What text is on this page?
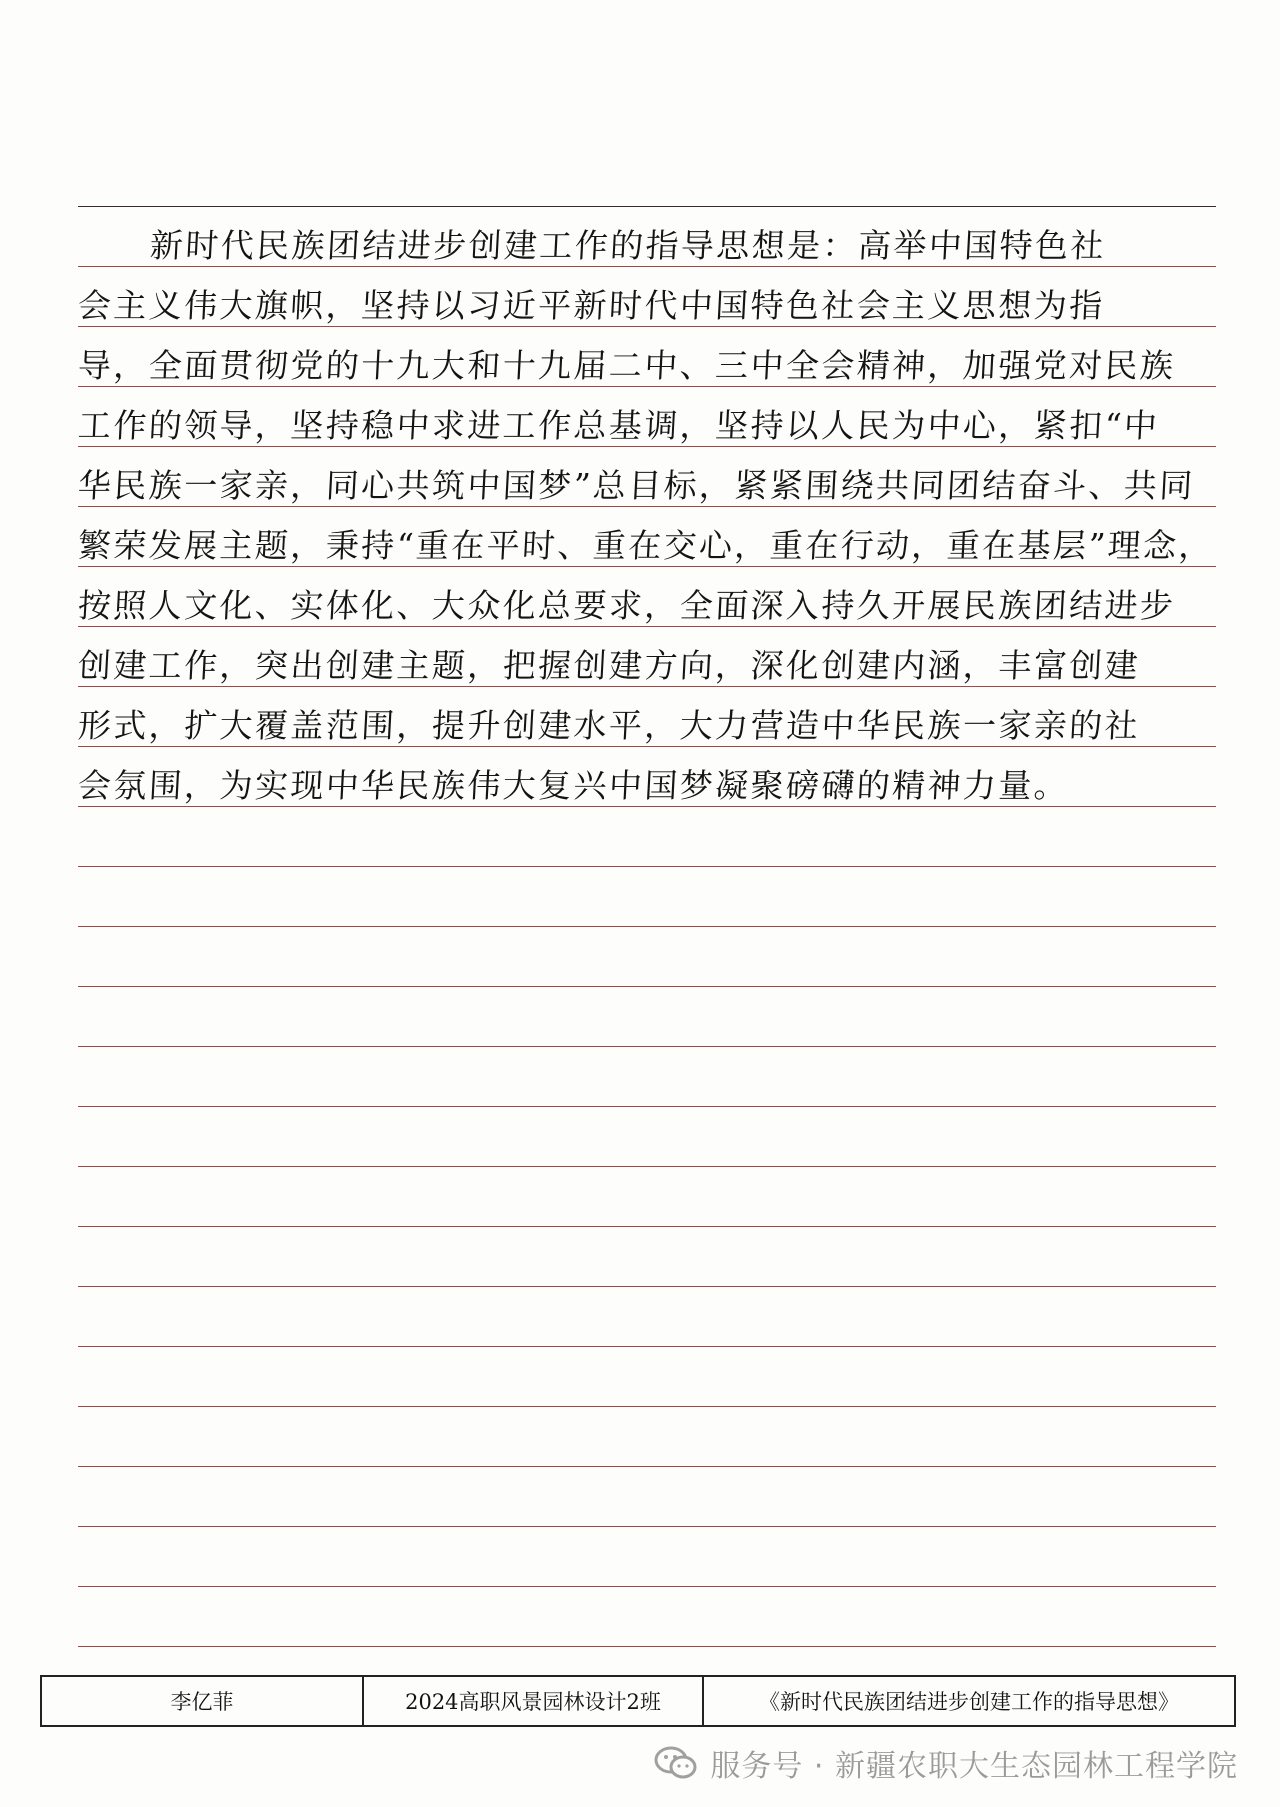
新时代民族团结进步创建工作的指导思想是：高举中国特色社
会主义伟大旗帜，坚持以习近平新时代中国特色社会主义思想为指
导，全面贯彻党的十九大和十九届二中、三中全会精神，加强党对民族
工作的领导，坚持稳中求进工作总基调，坚持以人民为中心，紧扣“中
华民族一家亲，同心共筑中国梦”总目标，紧紧围绕共同团结奋斗、共同
繁荣发展主题，秉持“重在平时、重在交心，重在行动，重在基层”理念，
按照人文化、实体化、大众化总要求，全面深入持久开展民族团结进步
创建工作，突出创建主题，把握创建方向，深化创建内涵，丰富创建
形式，扩大覆盖范围，提升创建水平，大力营造中华民族一家亲的社
会氛围，为实现中华民族伟大复兴中国梦凝聚磅礴的精神力量。
李亿菲	2024高职风景园林设计2班	《新时代民族团结进步创建工作的指导思想》
服务号 · 新疆农职大生态园林工程学院
